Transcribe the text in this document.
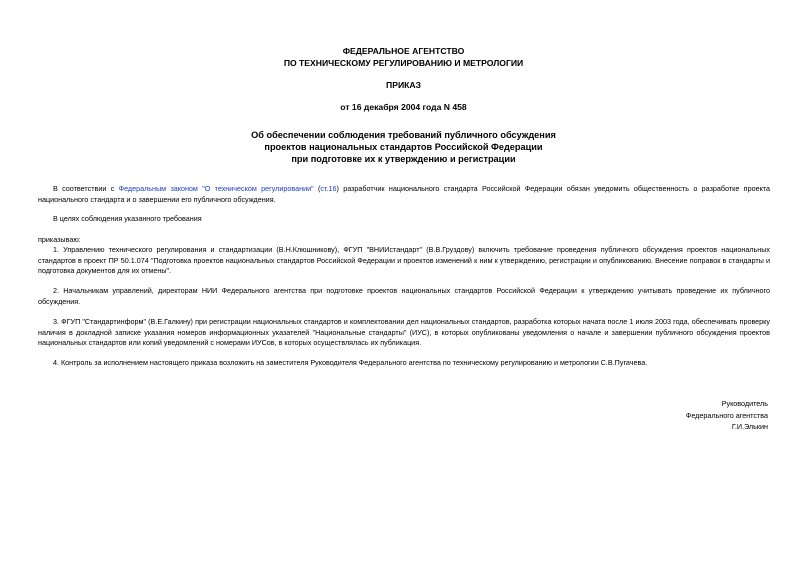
ФЕДЕРАЛЬНОЕ АГЕНТСТВО
ПО ТЕХНИЧЕСКОМУ РЕГУЛИРОВАНИЮ И МЕТРОЛОГИИ
ПРИКАЗ
от 16 декабря 2004 года N 458
Об обеспечении соблюдения требований публичного обсуждения
проектов национальных стандартов Российской Федерации
при подготовке их к утверждению и регистрации
В соответствии с Федеральным законом "О техническом регулировании" (ст.16) разработчик национального стандарта Российской Федерации обязан уведомить общественность о разработке проекта национального стандарта и о завершении его публичного обсуждения.
В целях соблюдения указанного требования
приказываю:
1. Управлению технического регулирования и стандартизации (В.Н.Клюшникову), ФГУП "ВНИИстандарт" (В.В.Груздову) включить требование проведения публичного обсуждения проектов национальных стандартов в проект ПР 50.1.074 "Подготовка проектов национальных стандартов Российской Федерации и проектов изменений к ним к утверждению, регистрации и опубликованию. Внесение поправок в стандарты и подготовка документов для их отмены".
2. Начальникам управлений, директорам НИИ Федерального агентства при подготовке проектов национальных стандартов Российской Федерации к утверждению учитывать проведение их публичного обсуждения.
3. ФГУП "Стандартинформ" (В.Е.Галкину) при регистрации национальных стандартов и комплектовании дел национальных стандартов, разработка которых начата после 1 июля 2003 года, обеспечивать проверку наличия в докладной записке указания номеров информационных указателей "Национальные стандарты" (ИУС), в которых опубликованы уведомления о начале и завершении публичного обсуждения проектов национальных стандартов или копий уведомлений с номерами ИУСов, в которых осуществлялась их публикация.
4. Контроль за исполнением настоящего приказа возложить на заместителя Руководителя Федерального агентства по техническому регулированию и метрологии С.В.Пугачева.
Руководитель
Федерального агентства
Г.И.Элькин
